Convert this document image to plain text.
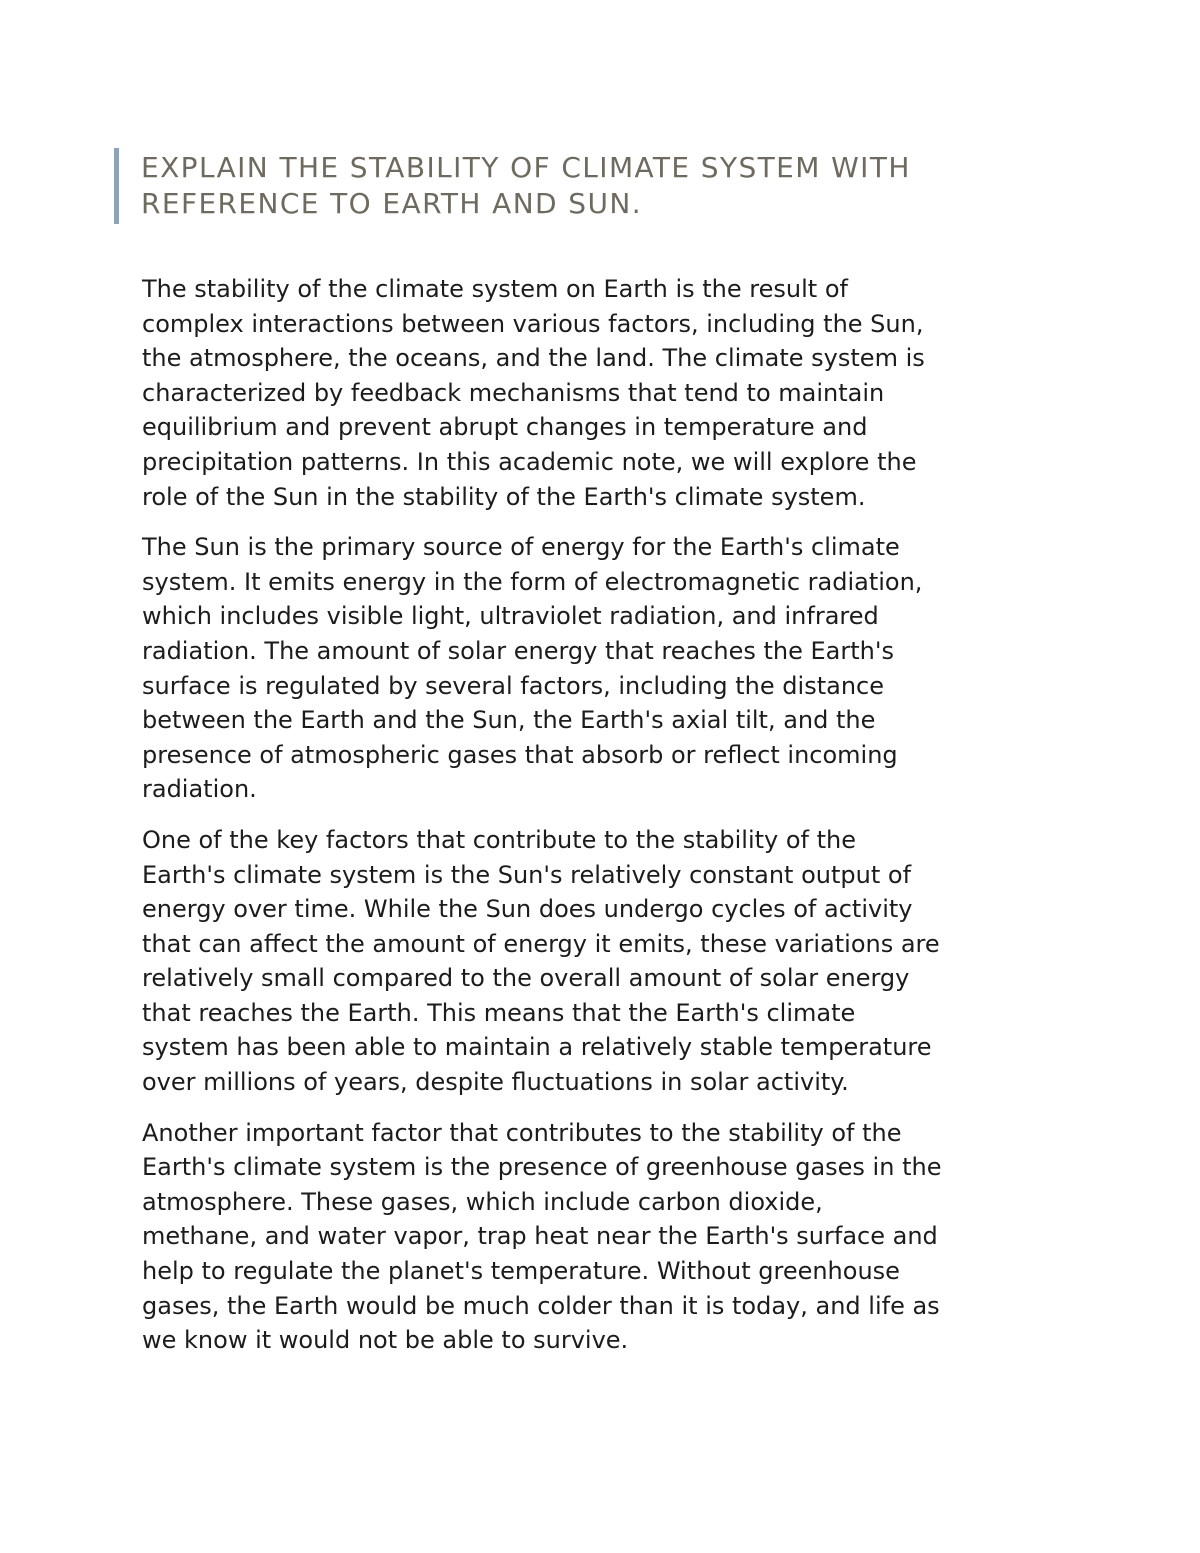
EXPLAIN THE STABILITY OF CLIMATE SYSTEM WITH
REFERENCE TO EARTH AND SUN.

The stability of the climate system on Earth is the result of
complex interactions between various factors, including the Sun,
the atmosphere, the oceans, and the land. The climate system is
characterized by feedback mechanisms that tend to maintain
equilibrium and prevent abrupt changes in temperature and
precipitation patterns. In this academic note, we will explore the
role of the Sun in the stability of the Earth's climate system.

The Sun is the primary source of energy for the Earth's climate
system. It emits energy in the form of electromagnetic radiation,
which includes visible light, ultraviolet radiation, and infrared
radiation. The amount of solar energy that reaches the Earth's
surface is regulated by several factors, including the distance
between the Earth and the Sun, the Earth's axial tilt, and the
presence of atmospheric gases that absorb or reflect incoming
radiation.

One of the key factors that contribute to the stability of the
Earth's climate system is the Sun's relatively constant output of
energy over time. While the Sun does undergo cycles of activity
that can affect the amount of energy it emits, these variations are
relatively small compared to the overall amount of solar energy
that reaches the Earth. This means that the Earth's climate
system has been able to maintain a relatively stable temperature
over millions of years, despite fluctuations in solar activity.

Another important factor that contributes to the stability of the
Earth's climate system is the presence of greenhouse gases in the
atmosphere. These gases, which include carbon dioxide,
methane, and water vapor, trap heat near the Earth's surface and
help to regulate the planet's temperature. Without greenhouse
gases, the Earth would be much colder than it is today, and life as
we know it would not be able to survive.
